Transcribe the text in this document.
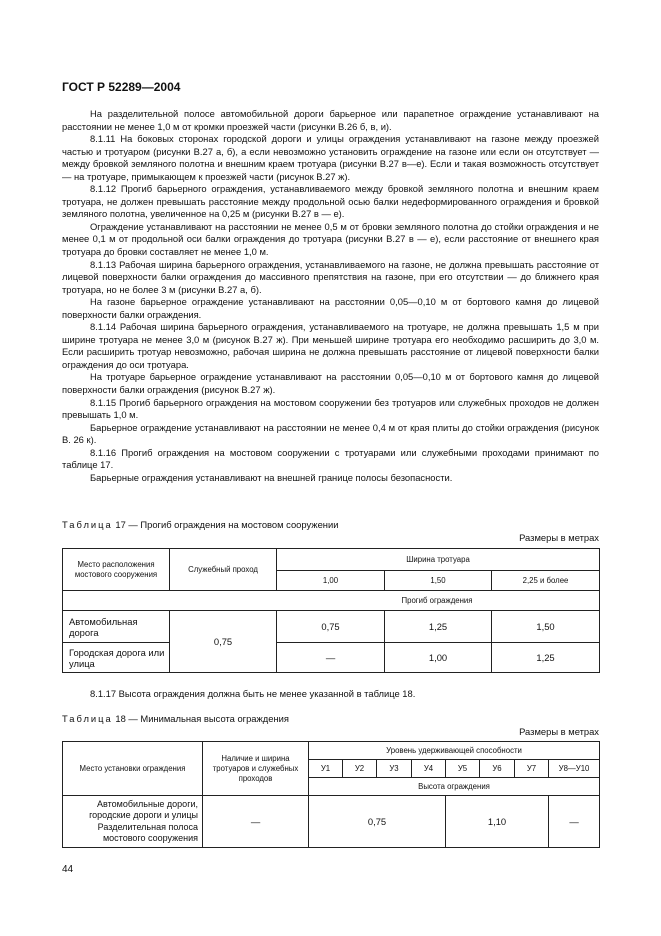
ГОСТ Р 52289—2004

На разделительной полосе автомобильной дороги барьерное или парапетное ограждение устанавливают на расстоянии не менее 1,0 м от кромки проезжей части (рисунки В.26 б, в, и).

8.1.11 На боковых сторонах городской дороги и улицы ограждения устанавливают на газоне между проезжей частью и тротуаром (рисунки В.27 а, б), а если невозможно установить ограждение на газоне или если он отсутствует — между бровкой земляного полотна и внешним краем тротуара (рисунки В.27 в—е). Если и такая возможность отсутствует — на тротуаре, примыкающем к проезжей части (рисунок В.27 ж).

8.1.12 Прогиб барьерного ограждения, устанавливаемого между бровкой земляного полотна и внешним краем тротуара, не должен превышать расстояние между продольной осью балки недеформированного ограждения и бровкой земляного полотна, увеличенное на 0,25 м (рисунки В.27 в — е).

Ограждение устанавливают на расстоянии не менее 0,5 м от бровки земляного полотна до стойки ограждения и не менее 0,1 м от продольной оси балки ограждения до тротуара (рисунки В.27 в — е), если расстояние от внешнего края тротуара до бровки составляет не менее 1,0 м.

8.1.13 Рабочая ширина барьерного ограждения, устанавливаемого на газоне, не должна превышать расстояние от лицевой поверхности балки ограждения до массивного препятствия на газоне, при его отсутствии — до ближнего края тротуара, но не более 3 м (рисунки В.27 а, б).

На газоне барьерное ограждение устанавливают на расстоянии 0,05—0,10 м от бортового камня до лицевой поверхности балки ограждения.

8.1.14 Рабочая ширина барьерного ограждения, устанавливаемого на тротуаре, не должна превышать 1,5 м при ширине тротуара не менее 3,0 м (рисунок В.27 ж). При меньшей ширине тротуара его необходимо расширить до 3,0 м. Если расширить тротуар невозможно, рабочая ширина не должна превышать расстояние от лицевой поверхности балки ограждения до оси тротуара.

На тротуаре барьерное ограждение устанавливают на расстоянии 0,05—0,10 м от бортового камня до лицевой поверхности балки ограждения (рисунок В.27 ж).

8.1.15 Прогиб барьерного ограждения на мостовом сооружении без тротуаров или служебных проходов не должен превышать 1,0 м.

Барьерное ограждение устанавливают на расстоянии не менее 0,4 м от края плиты до стойки ограждения (рисунок В. 26 к).

8.1.16 Прогиб ограждения на мостовом сооружении с тротуарами или служебными проходами принимают по таблице 17.

Барьерные ограждения устанавливают на внешней границе полосы безопасности.

Таблица 17 — Прогиб ограждения на мостовом сооружении
Размеры в метрах
Место расположения мостового сооружения	Служебный проход	Ширина тротуара		
		1,00	1,50	2,25 и более
Прогиб ограждения				
Автомобильная дорога	0,75	0,75	1,25	1,50
Городская дорога или улица		—	1,00	1,25
8.1.17 Высота ограждения должна быть не менее указанной в таблице 18.
Таблица 18 — Минимальная высота ограждения
Размеры в метрах
Место установки ограждения	Наличие и ширина тротуаров и служебных проходов	Уровень удерживающей способности							
		У1	У2	У3	У4	У5	У6	У7	У8—У10
		Высота ограждения							
Автомобильные дороги, городские дороги и улицы Разделительная полоса мостового сооружения	—	0,75				1,10			—
44
